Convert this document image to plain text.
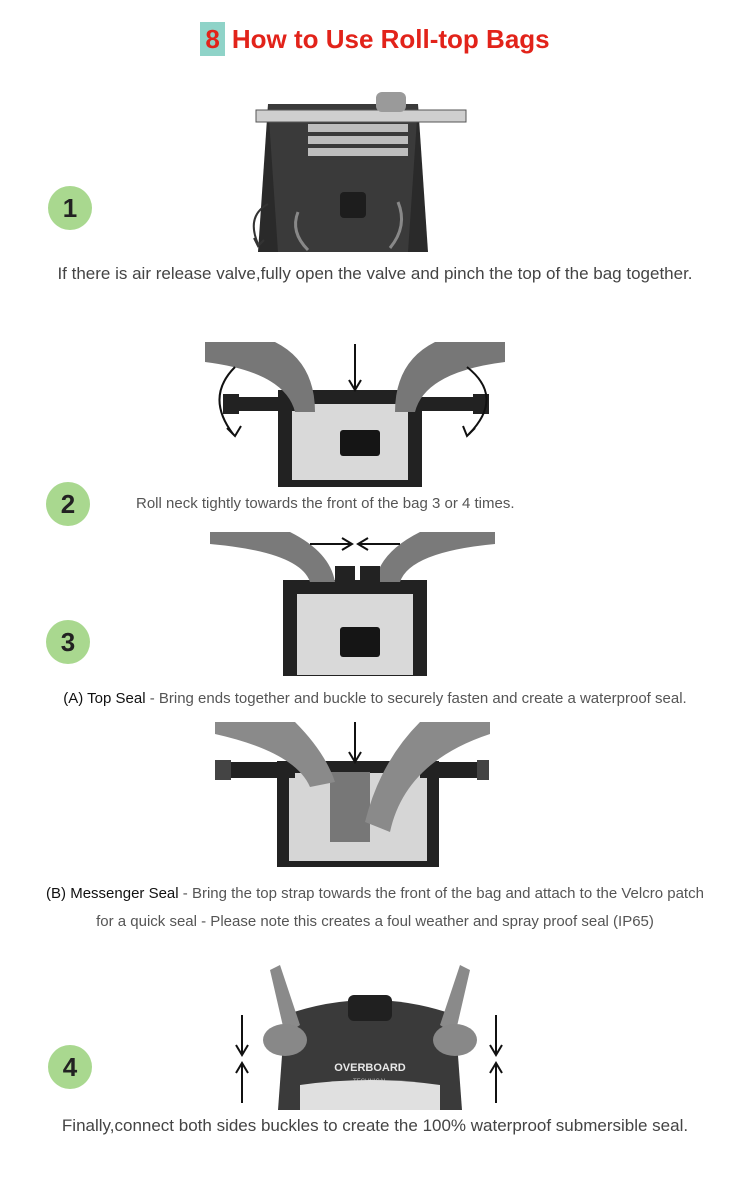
8 How to Use Roll-top Bags
1
If there is air release valve,fully open the valve and pinch the top of the bag together.
2	Roll neck tightly towards the front of the bag 3 or 4 times.
3
(A) Top Seal - Bring ends together and buckle to securely fasten and create a waterproof seal.
(B) Messenger Seal - Bring the top strap towards the front of the bag and attach to the Velcro patch
for a quick seal - Please note this creates a foul weather and spray proof seal (IP65)
OVERBOARD
4
Finally,connect both sides buckles to create the 100% waterproof submersible seal.
